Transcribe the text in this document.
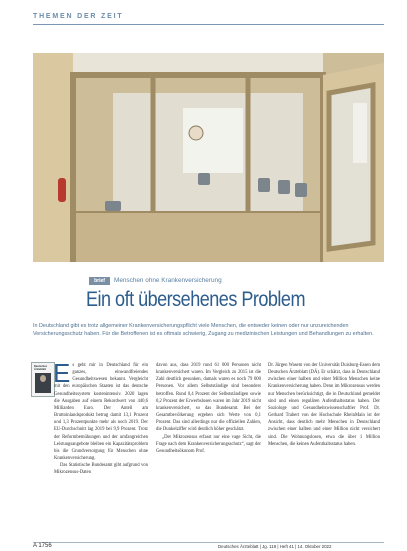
THEMEN DER ZEIT
brief	Menschen ohne Krankenversicherung
Ein oft übersehenes Problem
In Deutschland gibt es trotz allgemeiner Krankenversicherungspflicht viele Menschen, die entweder keinen oder nur unzureichenden Versicherungsschutz haben. Für die Betroffenen ist es oftmals schwierig, Zugang zu medizinischen Leistungen und Behandlungen zu erhalten.
Deutsches Ärzteblatt Es geht mir in Deutschland für ein ganzes, einwandfreiendes Gesundheitswesen bekannt. Vergleicht mit den europäischen Staaten ist das deutsche Gesundheitssystem kostenintensiv. 2020 lagen die Ausgaben auf einem Rekordwert von 440,6 Milliarden Euro. Der Anteil am Bruttoinlandsprodukt betrug damit 13,1 Prozent und 1,3 Prozentpunkte mehr als noch 2019. Der EU-Durchschnitt lag 2019 bei 9,9 Prozent. Trotz der Reformbemühungen und der umfangreichen Leistungsangebote bleiben ein Kapazitätsproblem bis die Grundversorgung für Menschen ohne Krankenversicherung.

Das Statistische Bundesamt gibt aufgrund von Mikrozensus-Daten

davon aus, dass 2019 rund 61 000 Personen nicht krankenversichert waren. Im Vergleich zu 2015 ist die Zahl deutlich gesunken, damals waren es noch 79 000 Personen. Vor allem Selbstständige sind besonders betroffen. Rund 0,4 Prozent der Selbstständigen sowie 0,2 Prozent der Erwerbslosen waren im Jahr 2019 nicht krankenversichert, so das Bundesamt. Bei der Gesamtbevölkerung ergeben sich Werte von 0,1 Prozent. Das sind allerdings nur die offiziellen Zahlen, die Dunkelziffer wird deutlich höher geschätzt.

„Der Mikrozensus erfasst nur eine vage Sicht, die Frage nach dem Krankenversicherungsschutz“, sagt der Gesundheitsökonom Prof.

Dr. Jürgen Wasem von der Universität Duisburg-Essen dem Deutschen Ärzteblatt (DÄ). Er schätzt, dass in Deutschland zwischen einer halben und einer Million Menschen keine Krankenversicherung haben. Denn im Mikrozensus werden nur Menschen berücksichtigt, die in Deutschland gemeldet sind und einen regulären Aufenthaltsstatus haben. Der Soziologe und Gesundheitswissenschaftler Prof. Dr. Gerhard Trabert von der Hochschule RheinMain ist der Ansicht, dass deutlich mehr Menschen in Deutschland zwischen einer halben und einer Million nicht versichert sind. Die Wohnungslosen, etwa die über 1 Million Menschen, die keinen Aufenthaltsstatus haben.

A 1756	Deutsches Ärzteblatt | Jg. 119 | Heft 41 | 14. Oktober 2022
